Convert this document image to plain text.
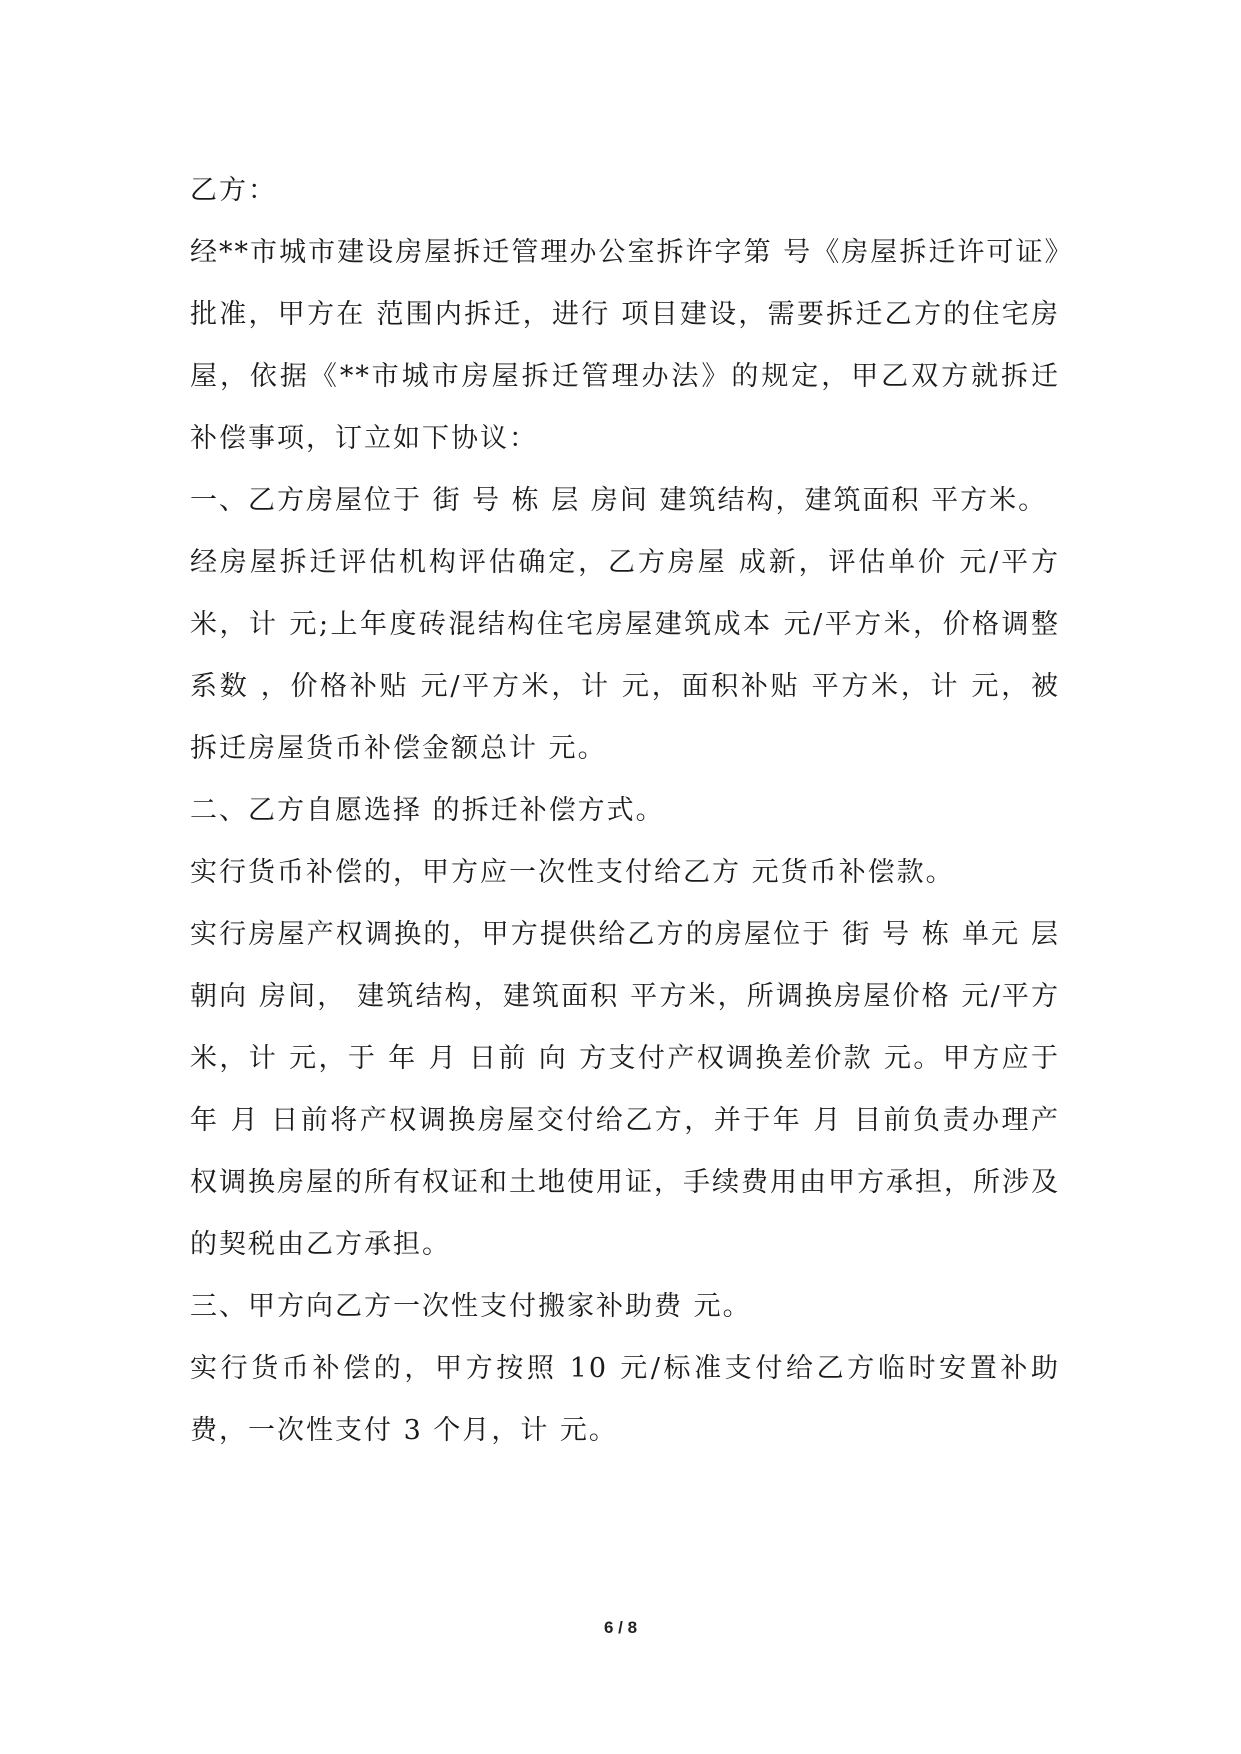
乙方：

经**市城市建设房屋拆迁管理办公室拆许字第 号《房屋拆迁许可证》批准，甲方在 范围内拆迁，进行 项目建设，需要拆迁乙方的住宅房屋，依据《**市城市房屋拆迁管理办法》的规定，甲乙双方就拆迁补偿事项，订立如下协议：

一、乙方房屋位于 街 号 栋 层 房间 建筑结构，建筑面积 平方米。

经房屋拆迁评估机构评估确定，乙方房屋 成新，评估单价 元/平方米，计 元;上年度砖混结构住宅房屋建筑成本 元/平方米，价格调整系数 ，价格补贴 元/平方米，计 元，面积补贴 平方米，计 元，被拆迁房屋货币补偿金额总计 元。

二、乙方自愿选择 的拆迁补偿方式。

实行货币补偿的，甲方应一次性支付给乙方 元货币补偿款。

实行房屋产权调换的，甲方提供给乙方的房屋位于 街 号 栋 单元 层 朝向 房间， 建筑结构，建筑面积 平方米，所调换房屋价格 元/平方米，计 元，于 年 月 日前 向 方支付产权调换差价款 元。甲方应于 年 月 日前将产权调换房屋交付给乙方，并于年 月 目前负责办理产权调换房屋的所有权证和土地使用证，手续费用由甲方承担，所涉及的契税由乙方承担。

三、甲方向乙方一次性支付搬家补助费 元。

实行货币补偿的，甲方按照 10 元/标准支付给乙方临时安置补助费，一次性支付 3 个月，计 元。

6 / 8
